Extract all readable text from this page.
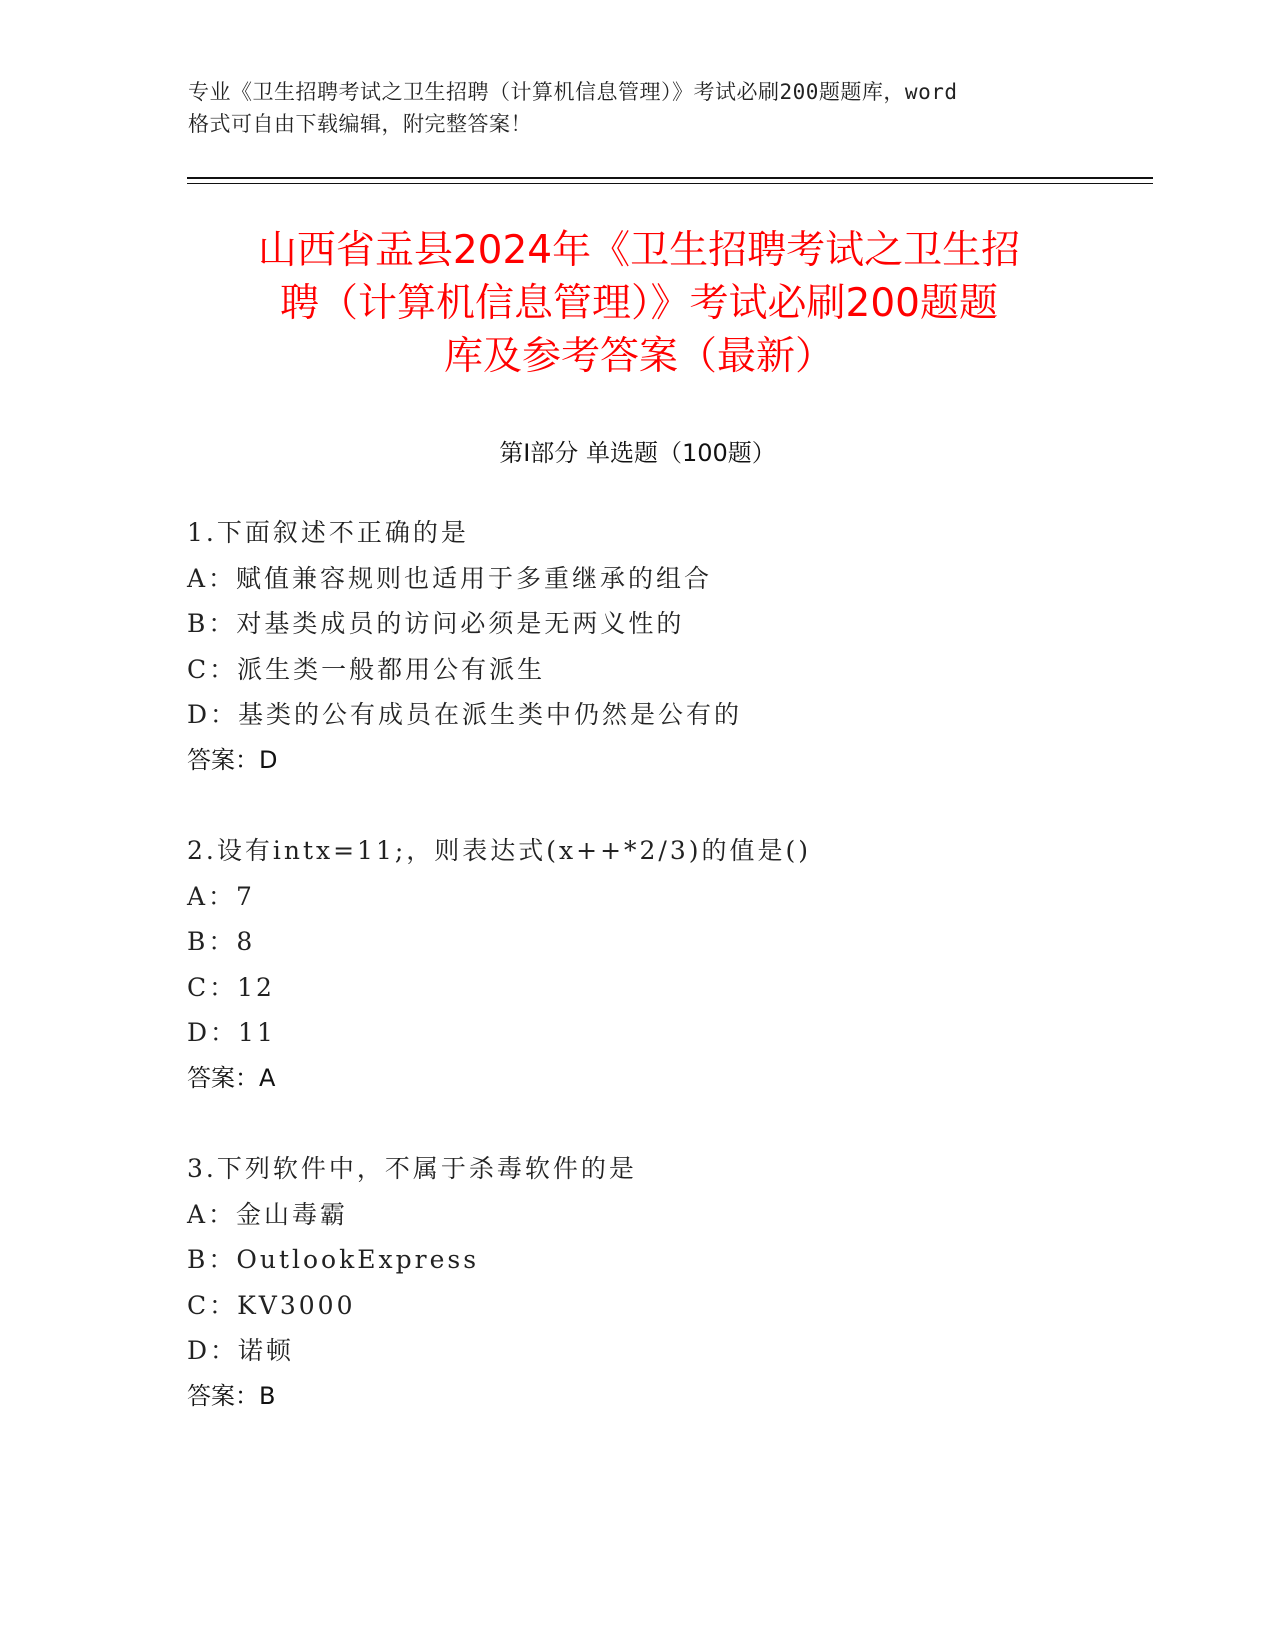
专业《卫生招聘考试之卫生招聘（计算机信息管理）》考试必刷200题题库，word
格式可自由下载编辑，附完整答案！
山西省盂县2024年《卫生招聘考试之卫生招
聘（计算机信息管理）》考试必刷200题题
库及参考答案（最新）
第Ⅰ部分 单选题（100题）
1.下面叙述不正确的是
A：赋值兼容规则也适用于多重继承的组合
B：对基类成员的访问必须是无两义性的
C：派生类一般都用公有派生
D：基类的公有成员在派生类中仍然是公有的
答案：D
2.设有intx=11;，则表达式(x++*2/3)的值是()
A：7
B：8
C：12
D：11
答案：A
3.下列软件中，不属于杀毒软件的是
A：金山毒霸
B：OutlookExpress
C：KV3000
D：诺顿
答案：B
